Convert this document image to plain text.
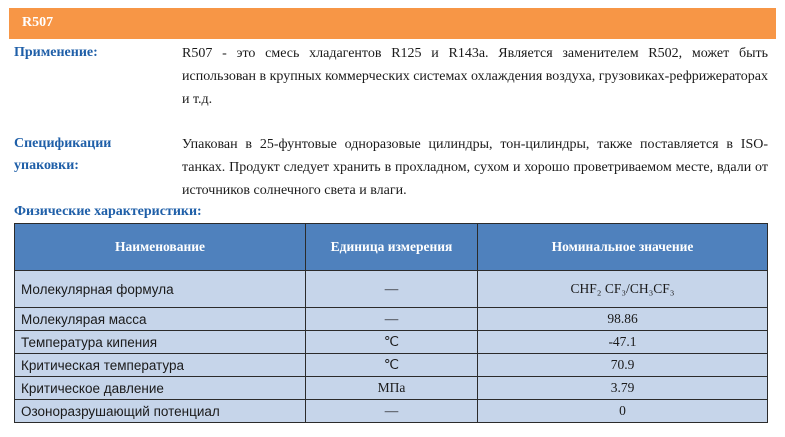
R507
Применение:	R507 - это смесь хладагентов R125 и R143a. Является заменителем R502, может быть использован в крупных коммерческих системах охлаждения воздуха, грузовиках-рефрижераторах и т.д.
Спецификации
упаковки:
Упакован в 25-фунтовые одноразовые цилиндры, тон-цилиндры, также поставляется в ISO-танках. Продукт следует хранить в прохладном, сухом и хорошо проветриваемом месте, вдали от источников солнечного света и влаги.
Физические характеристики:
Наименование	Единица измерения	Номинальное значение
Молекулярная формула	—	CHF₂ CF₃/CH₃CF₃
Молекулярая масса	—	98.86
Температура кипения	℃	-47.1
Критическая температура	℃	70.9
Критическое давление	МПа	3.79
Озоноразрушающий потенциал	—	0
